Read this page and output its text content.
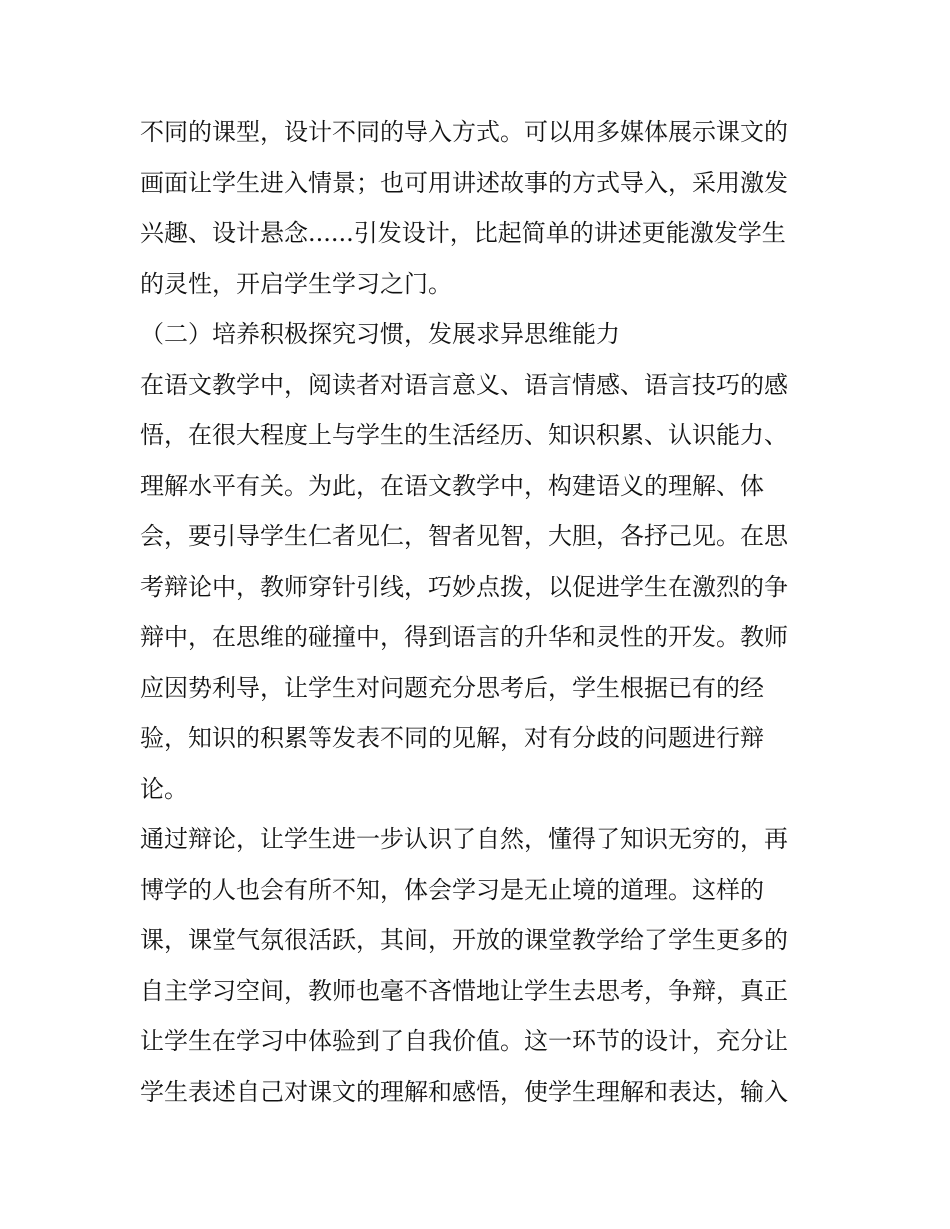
不同的课型，设计不同的导入方式。可以用多媒体展示课文的
画面让学生进入情景；也可用讲述故事的方式导入，采用激发
兴趣、设计悬念......引发设计，比起简单的讲述更能激发学生
的灵性，开启学生学习之门。
（二）培养积极探究习惯，发展求异思维能力
在语文教学中，阅读者对语言意义、语言情感、语言技巧的感
悟，在很大程度上与学生的生活经历、知识积累、认识能力、
理解水平有关。为此，在语文教学中，构建语义的理解、体
会，要引导学生仁者见仁，智者见智，大胆，各抒己见。在思
考辩论中，教师穿针引线，巧妙点拨，以促进学生在激烈的争
辩中，在思维的碰撞中，得到语言的升华和灵性的开发。教师
应因势利导，让学生对问题充分思考后，学生根据已有的经
验，知识的积累等发表不同的见解，对有分歧的问题进行辩
论。
通过辩论，让学生进一步认识了自然，懂得了知识无穷的，再
博学的人也会有所不知，体会学习是无止境的道理。这样的
课，课堂气氛很活跃，其间，开放的课堂教学给了学生更多的
自主学习空间，教师也毫不吝惜地让学生去思考，争辩，真正
让学生在学习中体验到了自我价值。这一环节的设计，充分让
学生表述自己对课文的理解和感悟，使学生理解和表达，输入
